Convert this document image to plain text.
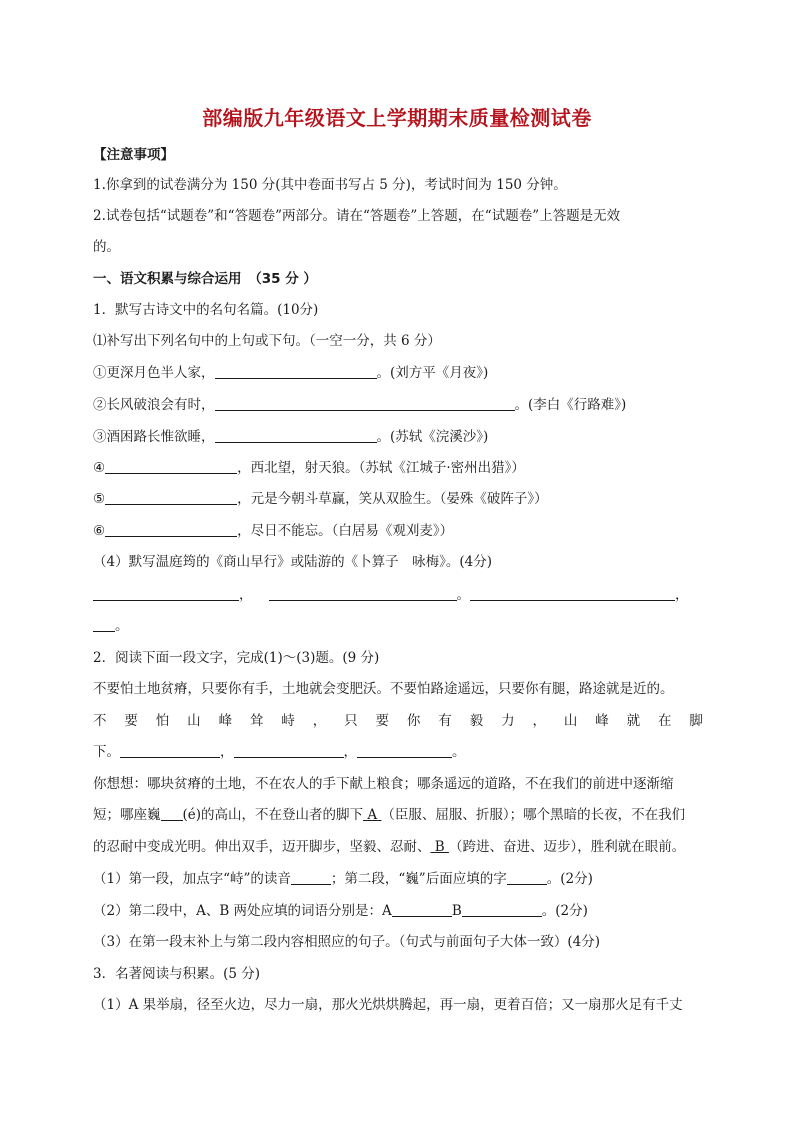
部编版九年级语文上学期期末质量检测试卷
【注意事项】
1.你拿到的试卷满分为 150 分(其中卷面书写占 5 分)，考试时间为 150 分钟。
2.试卷包括“试题卷”和“答题卷”两部分。请在“答题卷”上答题，在“试题卷”上答题是无效
的。
一、语文积累与综合运用　（35 分 ）
1．默写古诗文中的名句名篇。(10分)
⑴补写出下列名句中的上句或下句。（一空一分，共 6 分）
①更深月色半人家，	。(刘方平《月夜》)
②长风破浪会有时，	。(李白《行路难》)
③酒困路长惟欲睡，	。(苏轼《浣溪沙》)
④	，西北望，射天狼。（苏轼《江城子·密州出猎》）
⑤	，元是今朝斗草赢，笑从双脸生。（晏殊《破阵子》）
⑥	，尽日不能忘。（白居易《观刈麦》）
（4）默写温庭筠的《商山早行》或陆游的《卜算子　咏梅》。(4分)
，	。	，
。
2．阅读下面一段文字，完成(1)～(3)题。(9 分)
不要怕土地贫瘠，只要你有手，土地就会变肥沃。不要怕路途遥远，只要你有腿，路途就是近的。
不 要 怕 山 峰 耸 峙 ， 只 要 你 有 毅 力 ， 山 峰 就 在 脚
下。	，	，	。
你想想：哪块贫瘠的土地，不在农人的手下献上粮食；哪条遥远的道路，不在我们的前进中逐渐缩
短；哪座巍 (é)的高山，不在登山者的脚下 A （臣服、屈服、折服）；哪个黑暗的长夜，不在我们
的忍耐中变成光明。伸出双手，迈开脚步，坚毅、忍耐、 B （跨进、奋进、迈步），胜利就在眼前。
（1）第一段，加点字“峙”的读音	；第二段，“巍”后面应填的字	。(2分)
（2）第二段中，A、B 两处应填的词语分别是：A	B	。(2分)
（3）在第一段末补上与第二段内容相照应的句子。（句式与前面句子大体一致）(4分)
3．名著阅读与积累。(5 分)
（1）A 果举扇，径至火边，尽力一扇，那火光烘烘腾起，再一扇，更着百倍；又一扇那火足有千丈
